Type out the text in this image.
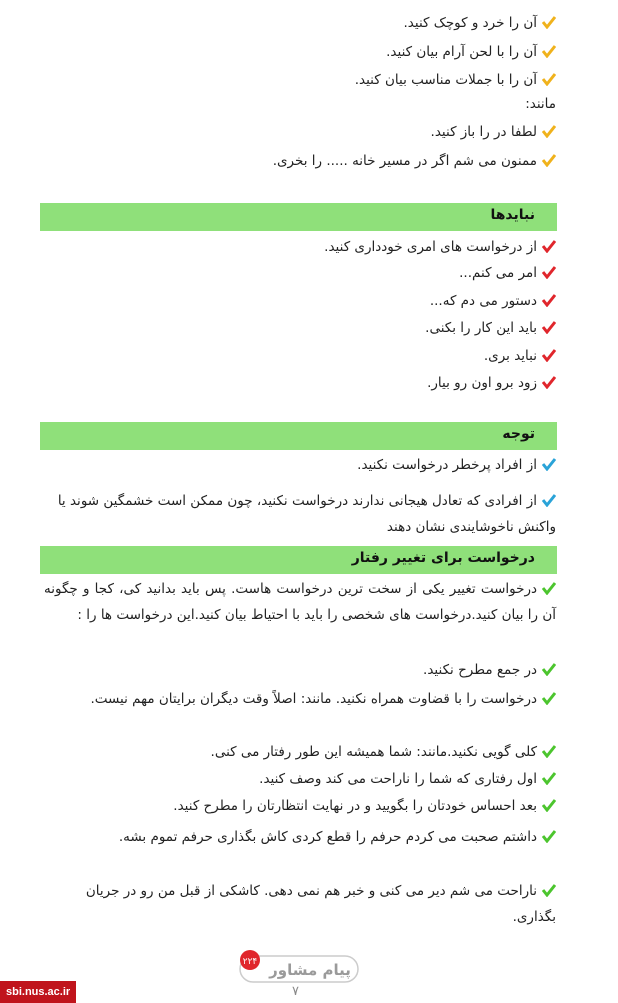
آن را خرد و کوچک کنید.
آن را با لحن آرام بیان کنید.
آن را با جملات مناسب بیان کنید.
مانند:
لطفا در را باز کنید.
ممنون می شم اگر در مسیر خانه ..... را بخری.
نبایدها
از درخواست های امری خودداری کنید.
امر می کنم...
دستور می دم که...
باید این کار را بکنی.
نباید بری.
زود برو اون رو بیار.
توجه
از افراد پرخطر درخواست نکنید.
از افرادی که تعادل هیجانی ندارند درخواست نکنید، چون ممکن است خشمگین شوند یا واکنش ناخوشایندی نشان دهند
درخواست برای تغییر رفتار
درخواست تغییر یکی از سخت ترین درخواست هاست. پس باید بدانید کی، کجا و چگونه آن را بیان کنید.درخواست های شخصی را باید با احتیاط بیان کنید.این درخواست ها را :
در جمع مطرح نکنید.
درخواست را با قضاوت همراه نکنید. مانند: اصلاً وقت دیگران برایتان مهم نیست.
کلی گویی نکنید.مانند: شما همیشه این طور رفتار می کنی.
اول رفتاری که شما را ناراحت می کند وصف کنید.
بعد احساس خودتان را بگویید و در نهایت انتظارتان را مطرح کنید.
داشتم صحبت می کردم حرفم را قطع کردی کاش بگذاری حرفم تموم بشه.
ناراحت می شم دیر می کنی و خبر هم نمی دهی. کاشکی از قبل من رو در جریان بگذاری.
۲۲۴ پیام مشاور
۷
sbi.nus.ac.ir
